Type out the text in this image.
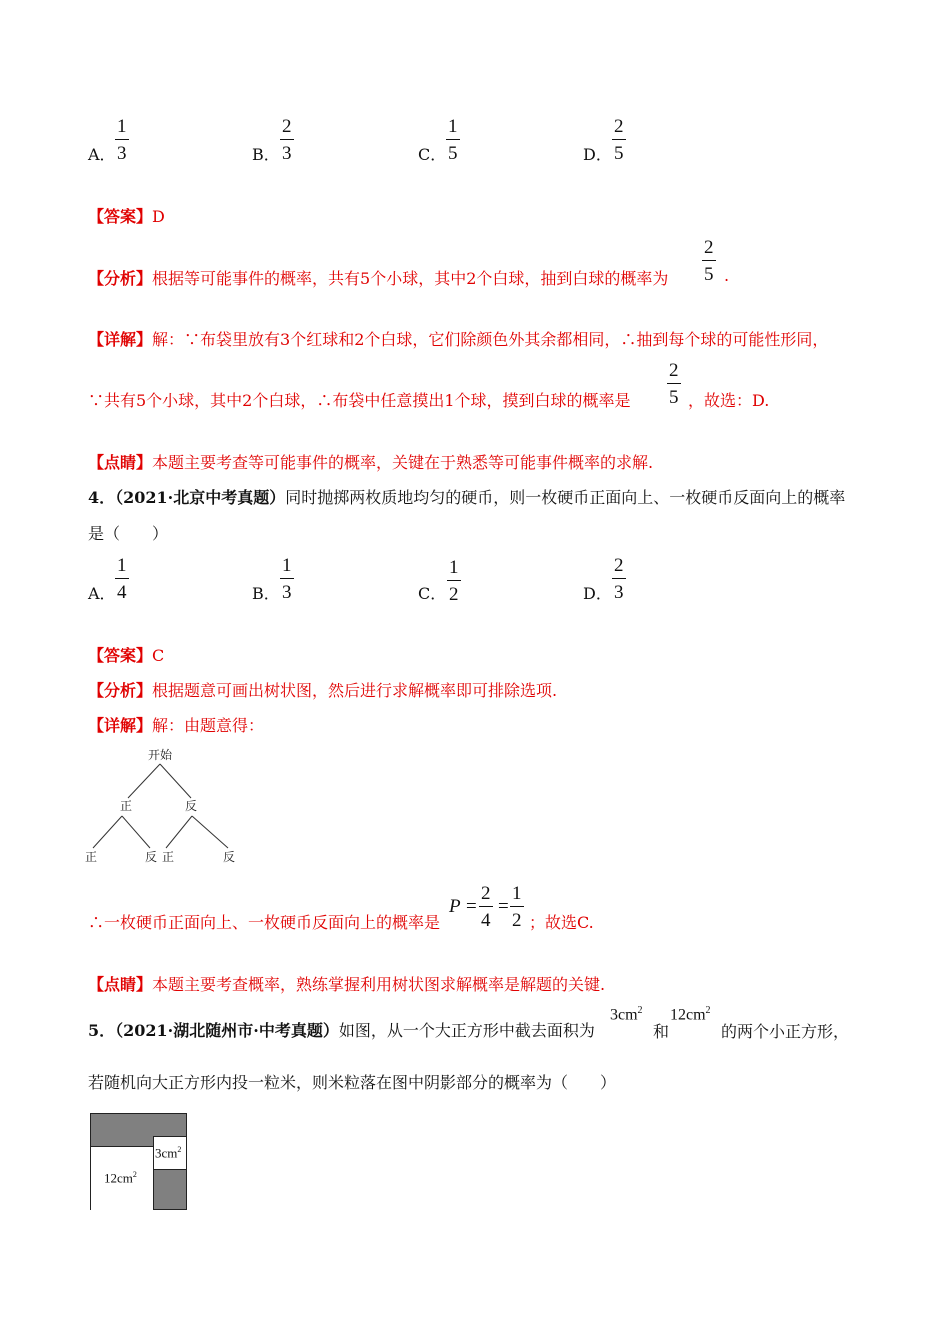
A．
1
3	B．
2
3	C．
1
5	D．
2
5
【答案】D
【分析】根据等可能事件的概率，共有5个小球，其中2个白球，抽到白球的概率为
2
5 .
【详解】解：∵布袋里放有3个红球和2个白球，它们除颜色外其余都相同，∴抽到每个球的可能性形同，
∵共有5个小球，其中2个白球，∴布袋中任意摸出1个球，摸到白球的概率是
2
5 ，故选：D.
【点睛】本题主要考查等可能事件的概率，关键在于熟悉等可能事件概率的求解.
4．（2021·北京中考真题）同时抛掷两枚质地均匀的硬币，则一枚硬币正面向上、一枚硬币反面向上的概率
是（　　）
A．
1
4	B．
1
3	C．
1
2	D．
2
3
【答案】C
【分析】根据题意可画出树状图，然后进行求解概率即可排除选项.
【详解】解：由题意得：
开始
正	反
正	反 正	反
∴一枚硬币正面向上、一枚硬币反面向上的概率是
P =
2
4
=
1
2 ；故选C.
【点睛】本题主要考查概率，熟练掌握利用树状图求解概率是解题的关键.
5．（2021·湖北随州市·中考真题）如图，从一个大正方形中截去面积为
$3cm^2$
和
$12cm^2$
的两个小正方形，
若随机向大正方形内投一粒米，则米粒落在图中阴影部分的概率为（　　）
$12cm^2$
$3cm^2$
